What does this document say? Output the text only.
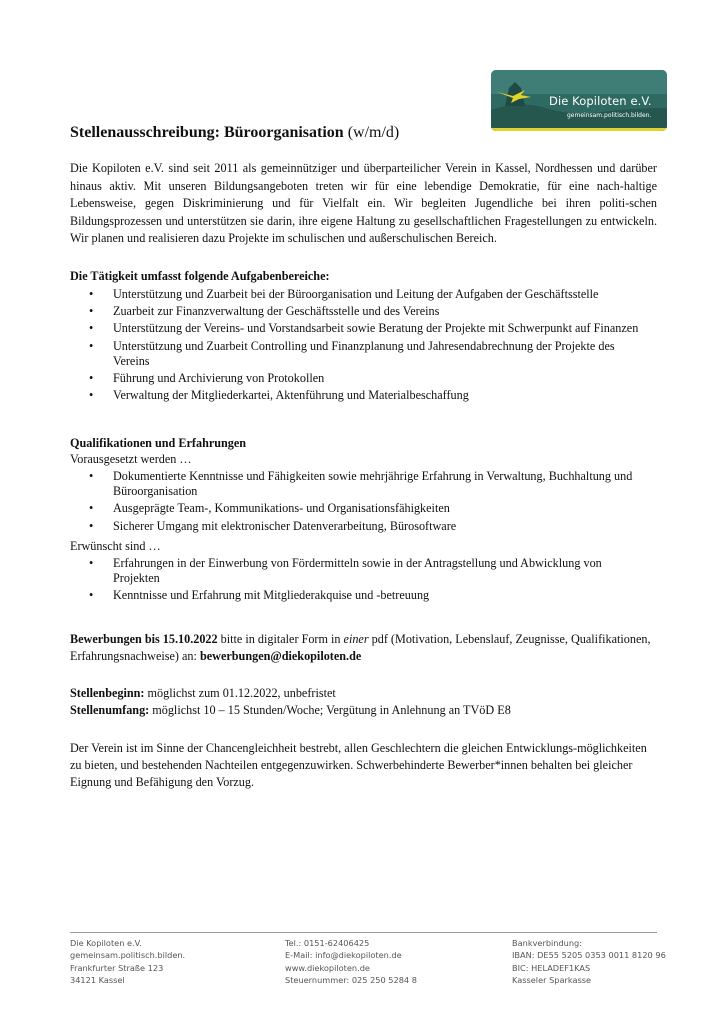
Die Kopiloten e.V.
gemeinsam.politisch.bilden.
Stellenausschreibung: Büroorganisation (w/m/d)

Die Kopiloten e.V. sind seit 2011 als gemeinnütziger und überparteilicher Verein in Kassel, Nordhessen und darüber hinaus aktiv. Mit unseren Bildungsangeboten treten wir für eine lebendige Demokratie, für eine nach-haltige Lebensweise, gegen Diskriminierung und für Vielfalt ein. Wir begleiten Jugendliche bei ihren politi-schen Bildungsprozessen und unterstützen sie darin, ihre eigene Haltung zu gesellschaftlichen Fragestellungen zu entwickeln. Wir planen und realisieren dazu Projekte im schulischen und außerschulischen Bereich.

Die Tätigkeit umfasst folgende Aufgabenbereiche:

• Unterstützung und Zuarbeit bei der Büroorganisation und Leitung der Aufgaben der Geschäftsstelle
• Zuarbeit zur Finanzverwaltung der Geschäftsstelle und des Vereins
• Unterstützung der Vereins- und Vorstandsarbeit sowie Beratung der Projekte mit Schwerpunkt auf Finanzen
• Unterstützung und Zuarbeit Controlling und Finanzplanung und Jahresendabrechnung der Projekte des Vereins
• Führung und Archivierung von Protokollen
• Verwaltung der Mitgliederkartei, Aktenführung und Materialbeschaffung

Qualifikationen und Erfahrungen

Vorausgesetzt werden …

• Dokumentierte Kenntnisse und Fähigkeiten sowie mehrjährige Erfahrung in Verwaltung, Buchhaltung und Büroorganisation
• Ausgeprägte Team-, Kommunikations- und Organisationsfähigkeiten
• Sicherer Umgang mit elektronischer Datenverarbeitung, Bürosoftware

Erwünscht sind …

• Erfahrungen in der Einwerbung von Fördermitteln sowie in der Antragstellung und Abwicklung von Projekten
• Kenntnisse und Erfahrung mit Mitgliederakquise und -betreuung

Bewerbungen bis 15.10.2022 bitte in digitaler Form in einer pdf (Motivation, Lebenslauf, Zeugnisse, Qualifikationen, Erfahrungsnachweise) an: bewerbungen@diekopiloten.de

Stellenbeginn: möglichst zum 01.12.2022, unbefristet

Stellenumfang: möglichst 10 – 15 Stunden/Woche; Vergütung in Anlehnung an TVöD E8

Der Verein ist im Sinne der Chancengleichheit bestrebt, allen Geschlechtern die gleichen Entwicklungs-möglichkeiten zu bieten, und bestehenden Nachteilen entgegenzuwirken. Schwerbehinderte Bewerber*innen behalten bei gleicher Eignung und Befähigung den Vorzug.

Die Kopiloten e.V.
gemeinsam.politisch.bilden.
Frankfurter Straße 123
34121 Kassel
Tel.: 0151-62406425
E-Mail: info@diekopiloten.de
www.diekopiloten.de
Steuernummer: 025 250 5284 8
Bankverbindung:
IBAN: DE55 5205 0353 0011 8120 96
BIC: HELADEF1KAS
Kasseler Sparkasse
